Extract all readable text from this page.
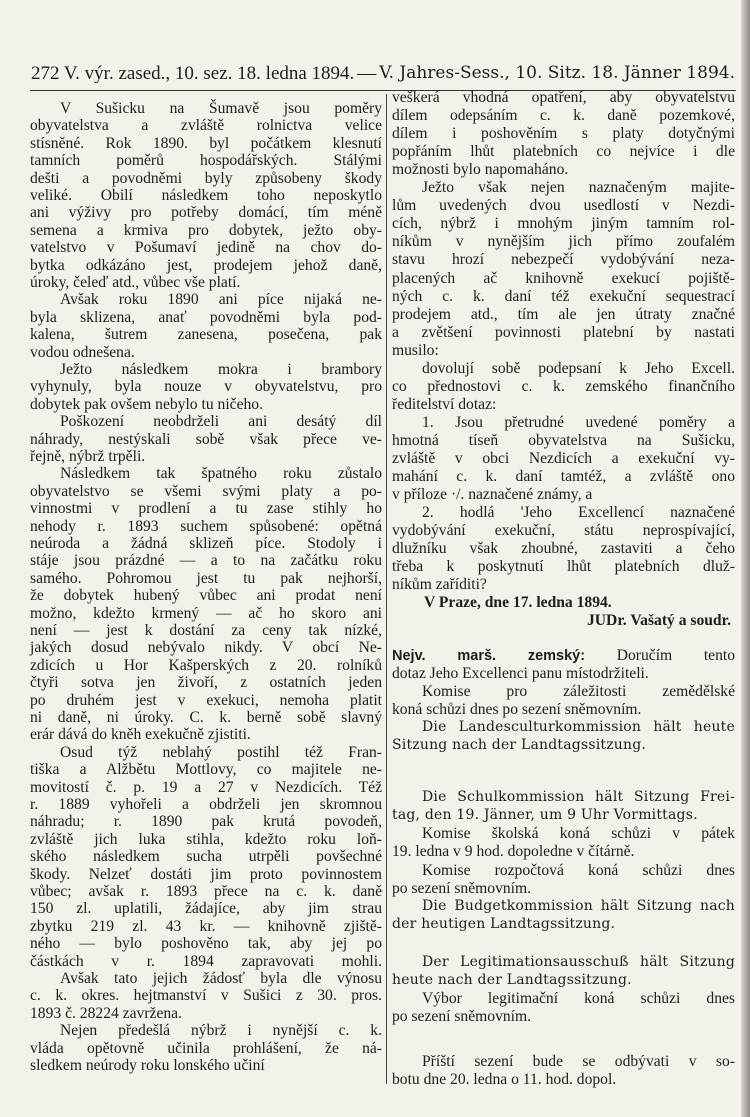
272 V. výr. zased., 10. sez. 18. ledna 1894. — V. Jahres-Sess., 10. Sitz. 18. Jänner 1894.
V Sušicku na Šumavě jsou poměry
obyvatelstva a zvláště rolnictva velice
stísněné. Rok 1890. byl počátkem klesnutí
tamních poměrů hospodářských. Stálými
dešti a povodněmi byly způsobeny škody
veliké. Obilí následkem toho neposkytlo
ani výživy pro potřeby domácí, tím méně
semena a krmiva pro dobytek, ježto oby-
vatelstvo v Pošumaví jedině na chov do-
bytka odkázáno jest, prodejem jehož daně,
úroky, čeleď atd., vůbec vše platí.
Avšak roku 1890 ani píce nijaká ne-
byla sklizena, anať povodněmi byla pod-
kalena, šutrem zanesena, posečena, pak
vodou odnešena.
Ježto následkem mokra i brambory
vyhynuly, byla nouze v obyvatelstvu, pro
dobytek pak ovšem nebylo tu ničeho.
Poškození neobdrželi ani desátý díl
náhrady, nestýskali sobě však přece ve-
řejně, nýbrž trpěli.
Následkem tak špatného roku zůstalo
obyvatelstvo se všemi svými platy a po-
vinnostmi v prodlení a tu zase stihly ho
nehody r. 1893 suchem spůsobené: opětná
neúroda a žádná sklizeň píce. Stodoly i
stáje jsou prázdné — a to na začátku roku
samého. Pohromou jest tu pak nejhorší,
že dobytek hubený vůbec ani prodat není
možno, kdežto krmený — ač ho skoro ani
není — jest k dostání za ceny tak nízké,
jakých dosud nebývalo nikdy. V obcí Ne-
zdicích u Hor Kašperských z 20. rolníků
čtyři sotva jen živoří, z ostatních jeden
po druhém jest v exekuci, nemoha platit
ni daně, ni úroky. C. k. berně sobě slavný
erár dává do kněh exekučně zjistiti.
Osud týž neblahý postihl též Fran-
tiška a Alžbětu Mottlovy, co majitele ne-
movitostí č. p. 19 a 27 v Nezdicích. Též
r. 1889 vyhořeli a obdrželi jen skromnou
náhradu; r. 1890 pak krutá povodeň,
zvláště jich luka stihla, kdežto roku loň-
ského následkem sucha utrpěli povšechné
škody. Nelzeť dostáti jim proto povinnostem
vůbec; avšak r. 1893 přece na c. k. daně
150 zl. uplatili, žádajíce, aby jim strau
zbytku 219 zl. 43 kr. — knihovně zjiště-
ného — bylo poshověno tak, aby jej po
částkách v r. 1894 zapravovati mohli.
Avšak tato jejich žádosť byla dle výnosu
c. k. okres. hejtmanství v Sušici z 30. pros.
1893 č. 28224 zavržena.
Nejen předešlá nýbrž i nynější c. k.
vláda opětovně učinila prohlášení, že ná-
sledkem neúrody roku lonského učiní
veškerá vhodná opatření, aby obyvatelstvu
dílem odepsáním c. k. daně pozemkové,
dílem i poshověním s platy dotyčnými
popřáním lhůt platebních co nejvíce i dle
možnosti bylo napomaháno.
Ježto však nejen naznačeným majite-
lům uvedených dvou usedlostí v Nezdi-
cích, nýbrž i mnohým jiným tamním rol-
níkům v nynějším jich přímo zoufalém
stavu hrozí nebezpečí vydobývání neza-
placených ač knihovně exekucí pojiště-
ných c. k. daní též exekuční sequestrací
prodejem atd., tím ale jen útraty značné
a zvětšení povinnosti platební by nastati
musilo:
dovolují sobě podepsaní k Jeho Excell.
co přednostovi c. k. zemského finančního
ředitelství dotaz:
1. Jsou přetrudné uvedené poměry a
hmotná tíseň obyvatelstva na Sušicku,
zvláště v obci Nezdicích a exekuční vy-
mahání c. k. daní tamtéž, a zvláště ono
v příloze ·/. naznačené známy, a
2. hodlá 'Jeho Excellencí naznačené
vydobývání exekuční, státu neprospívající,
dlužníku však zhoubné, zastaviti a čeho
třeba k poskytnutí lhůt platebních dluž-
níkům zaříditi?
V Praze, dne 17. ledna 1894.
JUDr. Vašatý a soudr.
Nejv. marš. zemský: Doručím tento
dotaz Jeho Excellenci panu místodržiteli.
Komise pro záležitosti zemědělské
koná schůzi dnes po sezení sněmovním.
Die Landesculturkommission hält heute
Sitzung nach der Landtagssitzung.
Die Schulkommission hält Sitzung Frei-
tag, den 19. Jänner, um 9 Uhr Vormittags.
Komise školská koná schůzi v pátek
19. ledna v 9 hod. dopoledne v čítárně.
Komise rozpočtová koná schůzi dnes
po sezení sněmovním.
Die Budgetkommission hält Sitzung nach
der heutigen Landtagssitzung.
Der Legitimationsausschuß hält Sitzung
heute nach der Landtagssitzung.
Výbor legitimační koná schůzi dnes
po sezení sněmovním.
Příští sezení bude se odbývati v so-
botu dne 20. ledna o 11. hod. dopol.
